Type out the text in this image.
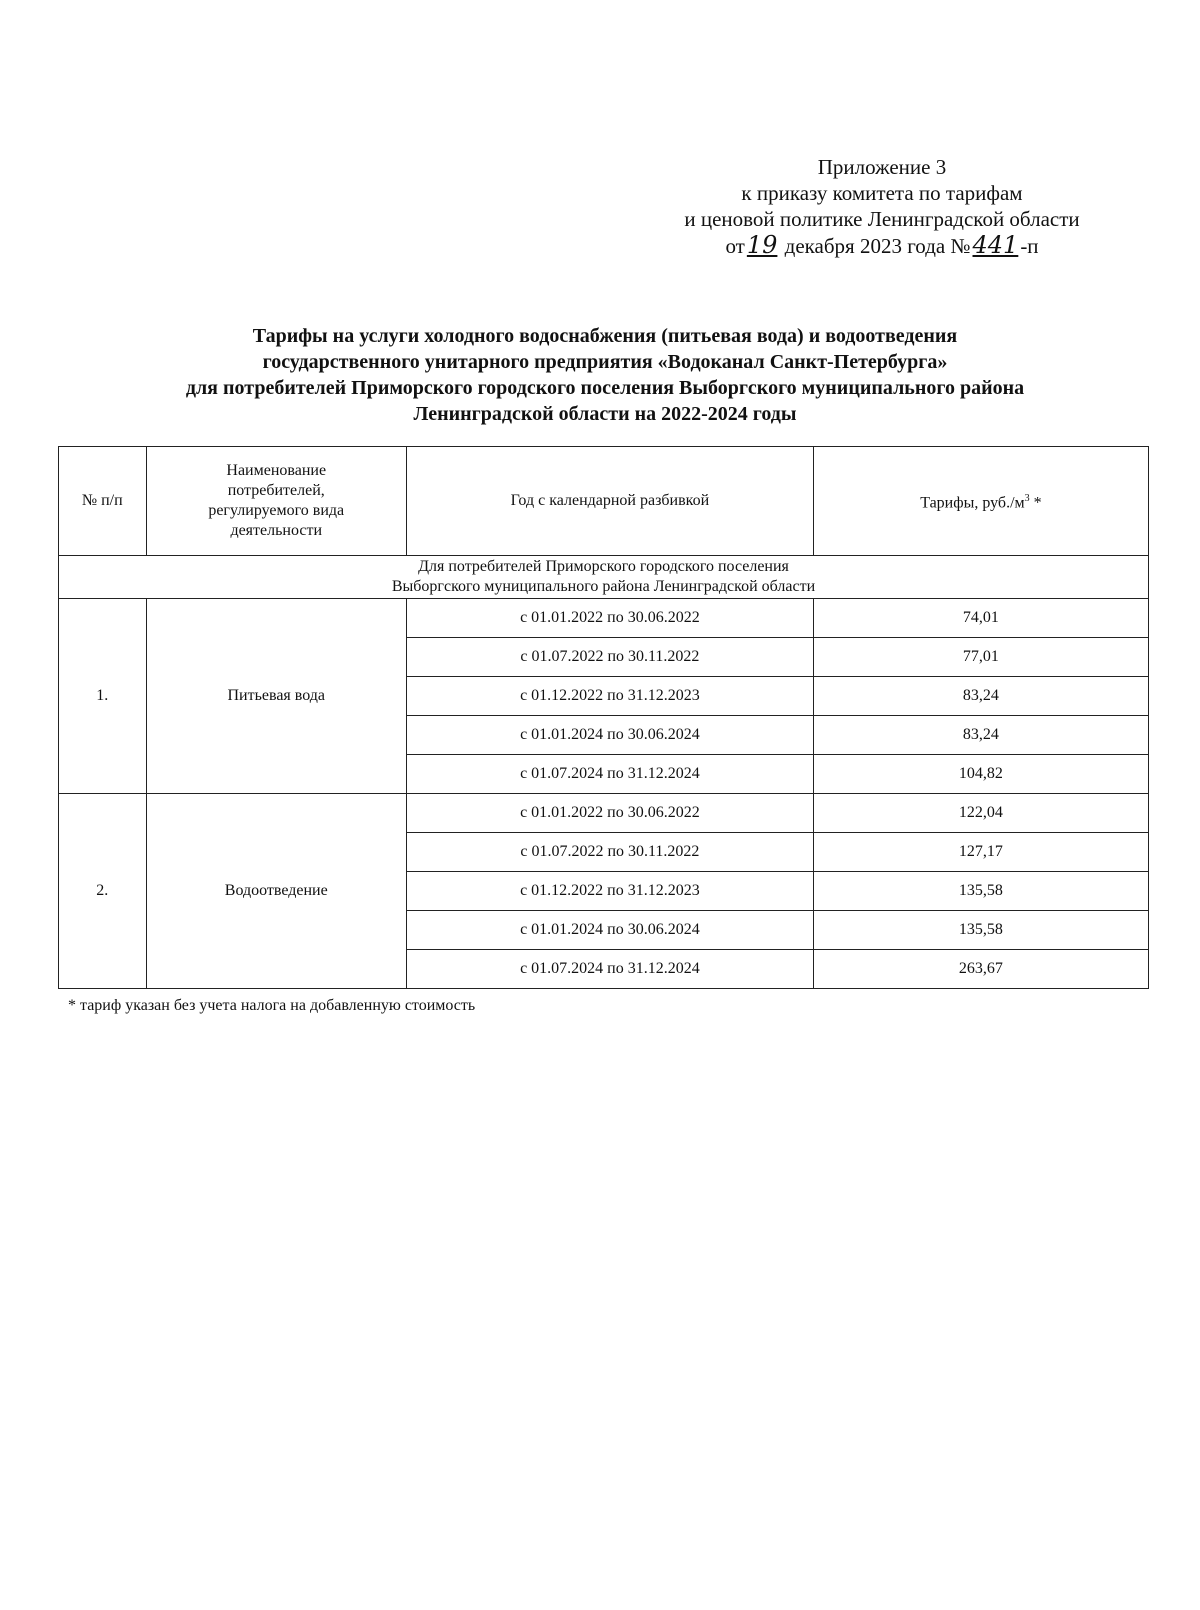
Приложение 3
к приказу комитета по тарифам
и ценовой политике Ленинградской области
от19 декабря 2023 года №441-п
Тарифы на услуги холодного водоснабжения (питьевая вода) и водоотведения
государственного унитарного предприятия «Водоканал Санкт-Петербурга»
для потребителей Приморского городского поселения Выборгского муниципального района
Ленинградской области на 2022-2024 годы
№ п/п	Наименование потребителей, регулируемого вида деятельности	Год с календарной разбивкой	Тарифы, $руб./м^3$ *

Для потребителей Приморского городского поселения
Выборгского муниципального района Ленинградской области			

1.	Питьевая вода	с 01.01.2022 по 30.06.2022	74,01
		с 01.07.2022 по 30.11.2022	77,01
		с 01.12.2022 по 31.12.2023	83,24
		с 01.01.2024 по 30.06.2024	83,24
		с 01.07.2024 по 31.12.2024	104,82
2.	Водоотведение	с 01.01.2022 по 30.06.2022	122,04
		с 01.07.2022 по 30.11.2022	127,17
		с 01.12.2022 по 31.12.2023	135,58
		с 01.01.2024 по 30.06.2024	135,58
		с 01.07.2024 по 31.12.2024	263,67
* тариф указан без учета налога на добавленную стоимость
